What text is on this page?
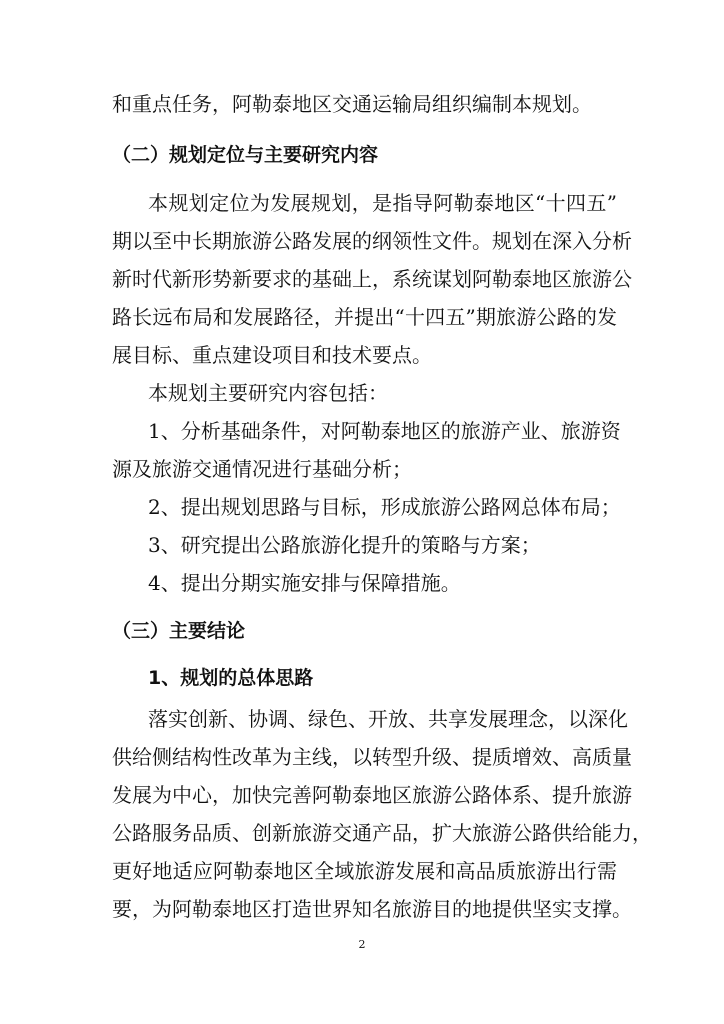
和重点任务，阿勒泰地区交通运输局组织编制本规划。
（二）规划定位与主要研究内容
本规划定位为发展规划，是指导阿勒泰地区“十四五”
期以至中长期旅游公路发展的纲领性文件。规划在深入分析
新时代新形势新要求的基础上，系统谋划阿勒泰地区旅游公
路长远布局和发展路径，并提出“十四五”期旅游公路的发
展目标、重点建设项目和技术要点。
本规划主要研究内容包括：
1、分析基础条件，对阿勒泰地区的旅游产业、旅游资
源及旅游交通情况进行基础分析；
2、提出规划思路与目标，形成旅游公路网总体布局；
3、研究提出公路旅游化提升的策略与方案；
4、提出分期实施安排与保障措施。
（三）主要结论
1、规划的总体思路
落实创新、协调、绿色、开放、共享发展理念，以深化
供给侧结构性改革为主线，以转型升级、提质增效、高质量
发展为中心，加快完善阿勒泰地区旅游公路体系、提升旅游
公路服务品质、创新旅游交通产品，扩大旅游公路供给能力，
更好地适应阿勒泰地区全域旅游发展和高品质旅游出行需
要，为阿勒泰地区打造世界知名旅游目的地提供坚实支撑。
2
